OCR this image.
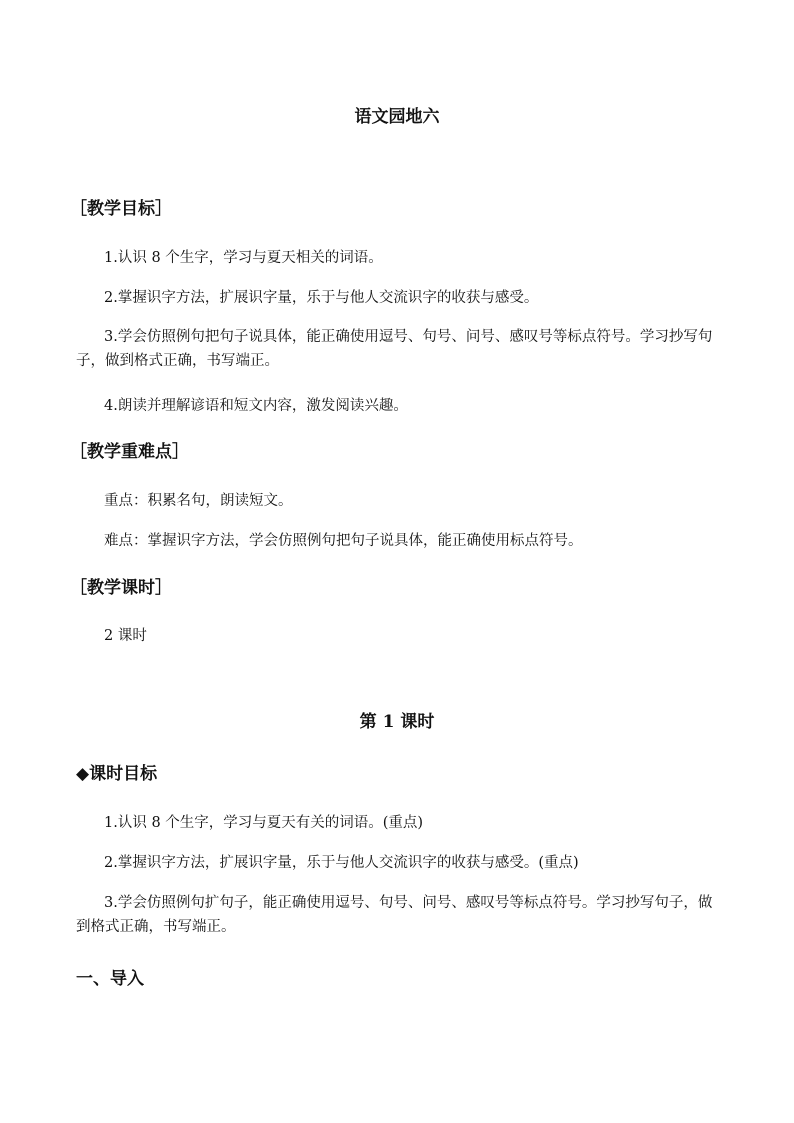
语文园地六
［教学目标］
1.认识 8 个生字，学习与夏天相关的词语。
2.掌握识字方法，扩展识字量，乐于与他人交流识字的收获与感受。
3.学会仿照例句把句子说具体，能正确使用逗号、句号、问号、感叹号等标点符号。学习抄写句子，做到格式正确，书写端正。
4.朗读并理解谚语和短文内容，激发阅读兴趣。
［教学重难点］
重点：积累名句，朗读短文。
难点：掌握识字方法，学会仿照例句把句子说具体，能正确使用标点符号。
［教学课时］
2 课时
第 1 课时
◆课时目标
1.认识 8 个生字，学习与夏天有关的词语。(重点)
2.掌握识字方法，扩展识字量，乐于与他人交流识字的收获与感受。(重点)
3.学会仿照例句扩句子，能正确使用逗号、句号、问号、感叹号等标点符号。学习抄写句子，做到格式正确，书写端正。
一、导入
